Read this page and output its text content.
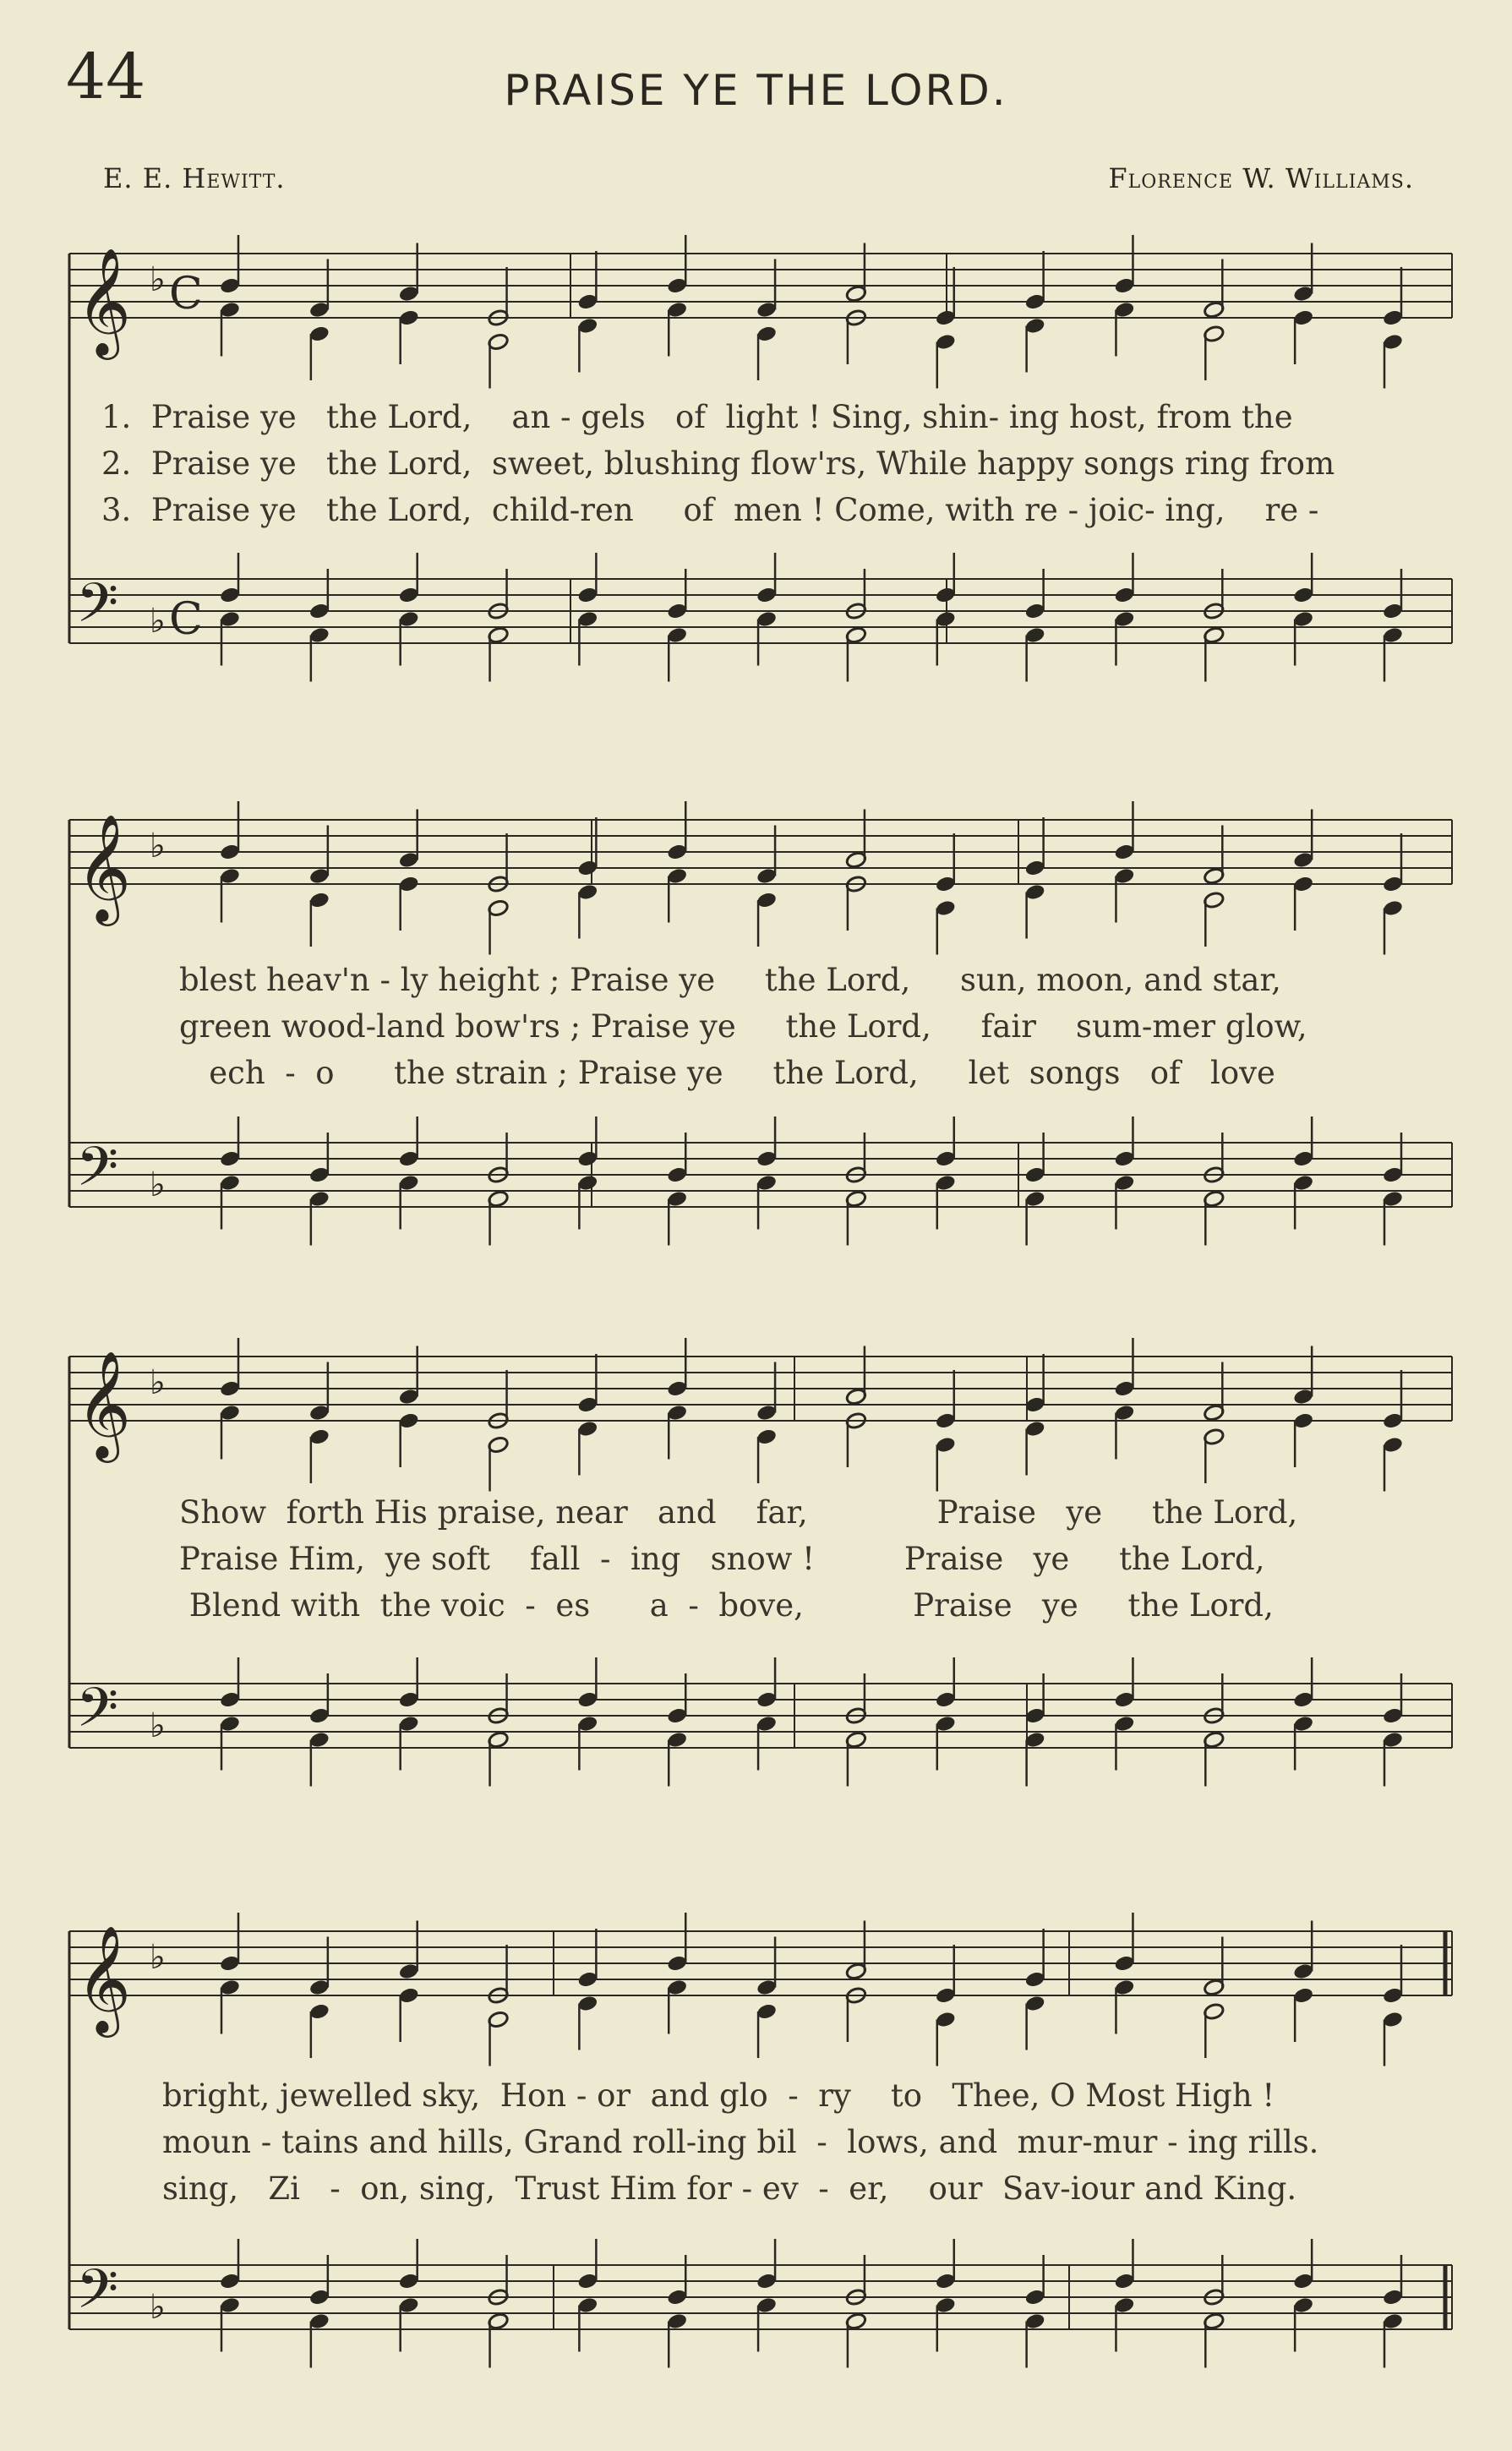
44	PRAISE YE THE LORD.
E. E. Hewitt.	Florence W. Williams.
𝄞
𝄢
♭
♭
C
C
𝄞
𝄢
♭
♭
𝄞
𝄢
♭
♭
𝄞
𝄢
♭
♭
1.  Praise ye   the Lord,    an - gels   of  light ! Sing, shin- ing host, from the
2.  Praise ye   the Lord,  sweet, blushing flow'rs, While happy songs ring from
3.  Praise ye   the Lord,  child-ren     of  men ! Come, with re - joic- ing,    re -
blest heav'n - ly height ; Praise ye     the Lord,     sun, moon, and star,
green wood-land bow'rs ; Praise ye     the Lord,     fair    sum-mer glow,
ech  -  o      the strain ; Praise ye     the Lord,     let  songs   of   love
Show  forth His praise, near   and    far,             Praise   ye     the Lord,
Praise Him,  ye soft    fall  -  ing   snow !         Praise   ye     the Lord,
Blend with  the voic  -  es      a  -  bove,           Praise   ye     the Lord,
bright, jewelled sky,  Hon - or  and glo  -  ry    to   Thee, O Most High !
moun - tains and hills, Grand roll-ing bil  -  lows, and  mur-mur - ing rills.
sing,   Zi   -  on, sing,  Trust Him for - ev  -  er,    our  Sav-iour and King.
